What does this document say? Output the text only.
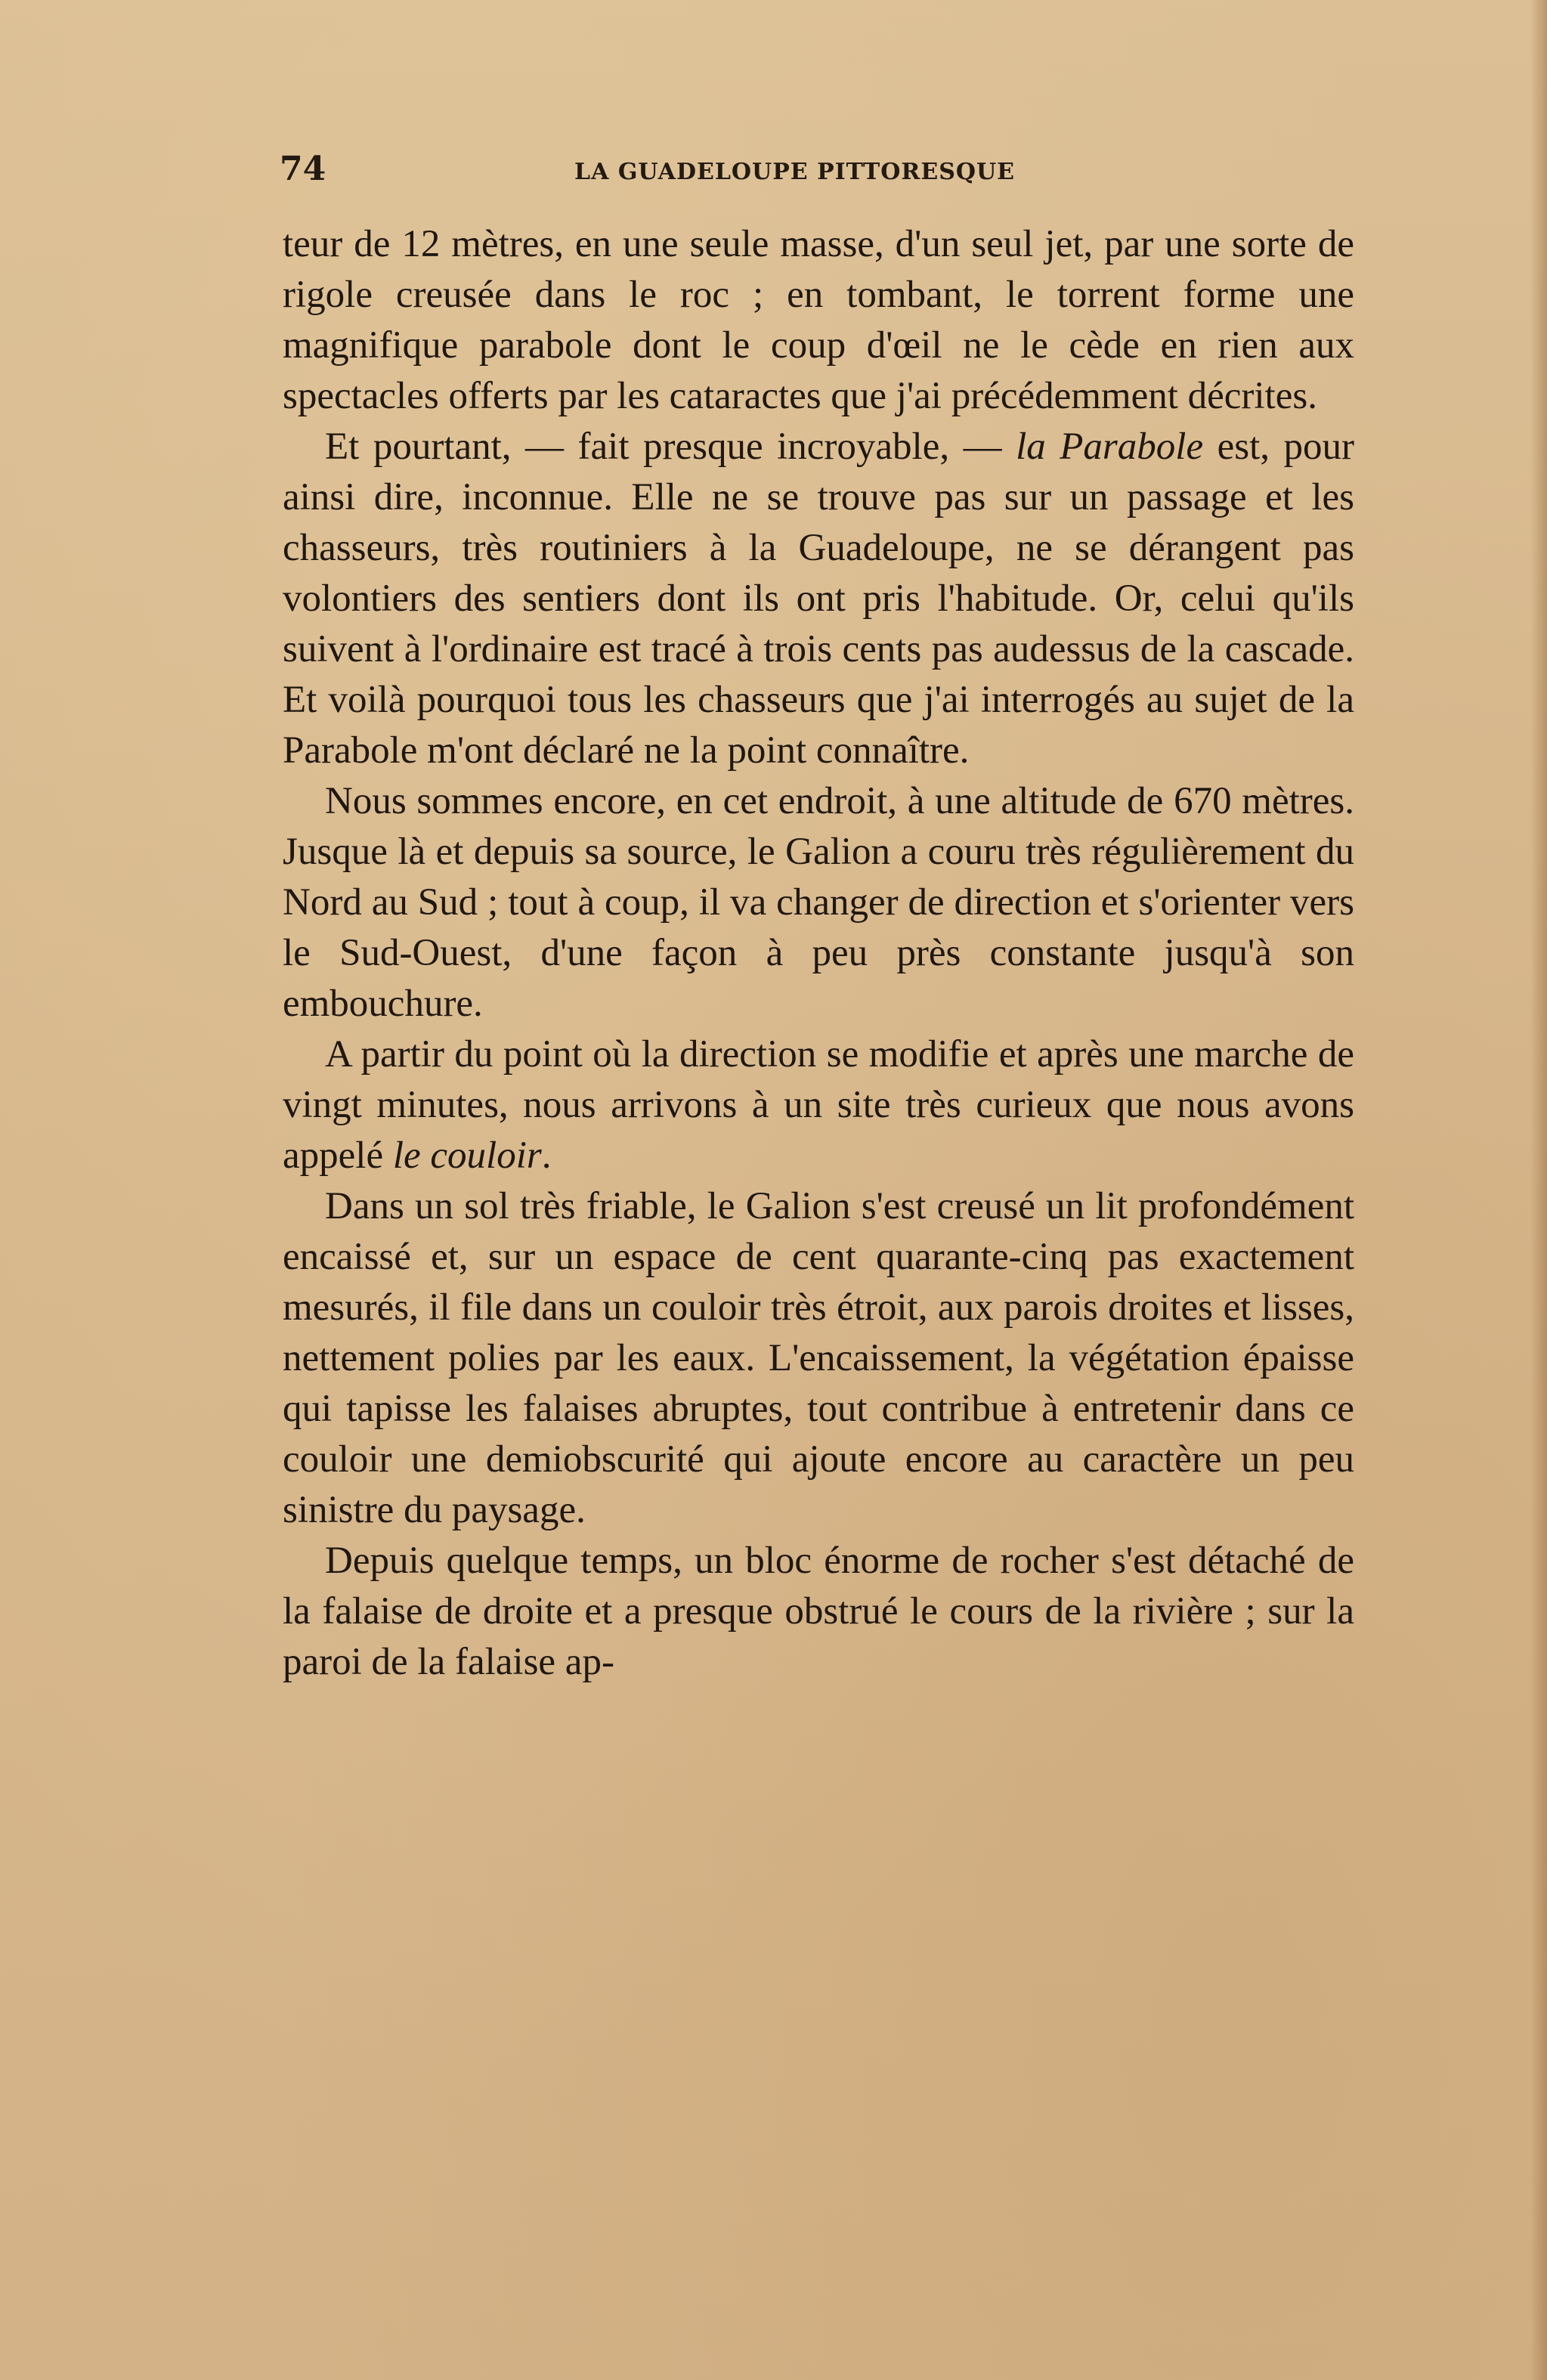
74	LA GUADELOUPE PITTORESQUE

teur de 12 mètres, en une seule masse, d'un seul jet, par une sorte de rigole creusée dans le roc ; en tombant, le torrent forme une magnifique parabole dont le coup d'œil ne le cède en rien aux spectacles offerts par les cataractes que j'ai précédemment décrites.

Et pourtant, — fait presque incroyable, — la Parabole est, pour ainsi dire, inconnue. Elle ne se trouve pas sur un passage et les chasseurs, très routiniers à la Guadeloupe, ne se dérangent pas volontiers des sentiers dont ils ont pris l'habitude. Or, celui qu'ils suivent à l'ordinaire est tracé à trois cents pas audessus de la cascade. Et voilà pourquoi tous les chasseurs que j'ai interrogés au sujet de la Parabole m'ont déclaré ne la point connaître.

Nous sommes encore, en cet endroit, à une altitude de 670 mètres. Jusque là et depuis sa source, le Galion a couru très régulièrement du Nord au Sud ; tout à coup, il va changer de direction et s'orienter vers le Sud-Ouest, d'une façon à peu près constante jusqu'à son embouchure.

A partir du point où la direction se modifie et après une marche de vingt minutes, nous arrivons à un site très curieux que nous avons appelé le couloir.

Dans un sol très friable, le Galion s'est creusé un lit profondément encaissé et, sur un espace de cent quarante-cinq pas exactement mesurés, il file dans un couloir très étroit, aux parois droites et lisses, nettement polies par les eaux. L'encaissement, la végétation épaisse qui tapisse les falaises abruptes, tout contribue à entretenir dans ce couloir une demiobscurité qui ajoute encore au caractère un peu sinistre du paysage.

Depuis quelque temps, un bloc énorme de rocher s'est détaché de la falaise de droite et a presque obstrué le cours de la rivière ; sur la paroi de la falaise ap-
